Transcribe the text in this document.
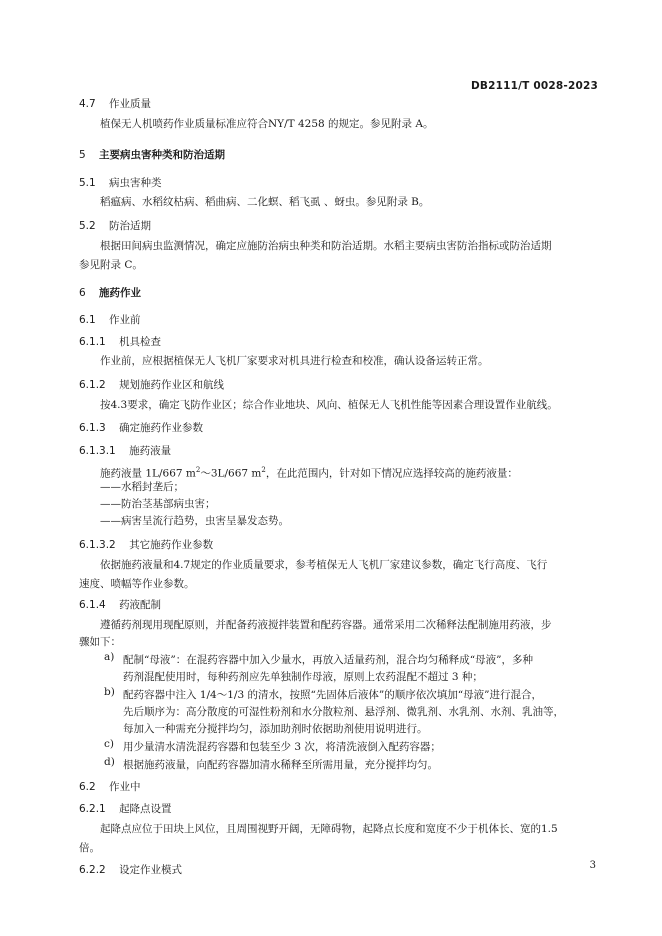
DB2111/T 0028-2023
4.7 作业质量
植保无人机喷药作业质量标准应符合NY/T 4258 的规定。参见附录 A。
5 主要病虫害种类和防治适期
5.1 病虫害种类
稻瘟病、水稻纹枯病、稻曲病、二化螟、稻飞虱 、蚜虫。参见附录 B。
5.2 防治适期
根据田间病虫监测情况，确定应施防治病虫种类和防治适期。水稻主要病虫害防治指标或防治适期
参见附录 C。
6 施药作业
6.1 作业前
6.1.1 机具检查
作业前，应根据植保无人飞机厂家要求对机具进行检查和校准，确认设备运转正常。
6.1.2 规划施药作业区和航线
按4.3要求，确定飞防作业区；综合作业地块、风向、植保无人飞机性能等因素合理设置作业航线。
6.1.3 确定施药作业参数
6.1.3.1 施药液量
施药液量 1L/667 $m^2\sim 3L/667$ $m^2$，在此范围内，针对如下情况应选择较高的施药液量：
——水稻封垄后；
——防治茎基部病虫害；
——病害呈流行趋势，虫害呈暴发态势。
6.1.3.2 其它施药作业参数
依据施药液量和4.7规定的作业质量要求，参考植保无人飞机厂家建议参数，确定飞行高度、飞行
速度、喷幅等作业参数。
6.1.4 药液配制
遵循药剂现用现配原则，并配备药液搅拌装置和配药容器。通常采用二次稀释法配制施用药液，步
骤如下：
a) 配制“母液”：在混药容器中加入少量水，再放入适量药剂，混合均匀稀释成“母液”，多种
药剂混配使用时，每种药剂应先单独制作母液，原则上农药混配不超过 3 种；
b) 配药容器中注入 1/4～1/3 的清水，按照“先固体后液体”的顺序依次填加“母液”进行混合，
先后顺序为：高分散度的可湿性粉剂和水分散粒剂、悬浮剂、微乳剂、水乳剂、水剂、乳油等，
每加入一种需充分搅拌均匀，添加助剂时依据助剂使用说明进行。
c) 用少量清水清洗混药容器和包装至少 3 次，将清洗液倒入配药容器；
d) 根据施药液量，向配药容器加清水稀释至所需用量，充分搅拌均匀。
6.2 作业中
6.2.1 起降点设置
起降点应位于田块上风位，且周围视野开阔，无障碍物，起降点长度和宽度不少于机体长、宽的1.5
倍。
6.2.2 设定作业模式	3
